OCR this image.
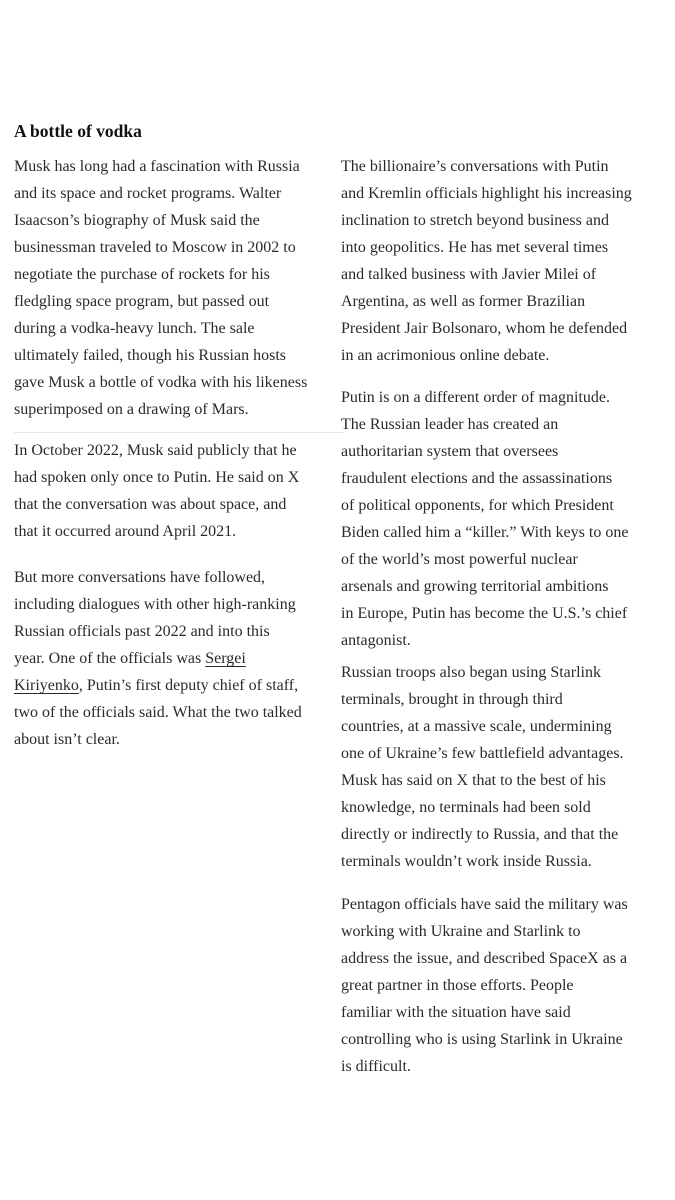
A bottle of vodka

Musk has long had a fascination with Russia
and its space and rocket programs. Walter
Isaacson’s biography of Musk said the
businessman traveled to Moscow in 2002 to
negotiate the purchase of rockets for his
fledgling space program, but passed out
during a vodka-heavy lunch. The sale
ultimately failed, though his Russian hosts
gave Musk a bottle of vodka with his likeness
superimposed on a drawing of Mars.

In October 2022, Musk said publicly that he
had spoken only once to Putin. He said on X
that the conversation was about space, and
that it occurred around April 2021.

But more conversations have followed,
including dialogues with other high-ranking
Russian officials past 2022 and into this
year. One of the officials was Sergei
Kiriyenko, Putin’s first deputy chief of staff,
two of the officials said. What the two talked
about isn’t clear.

The billionaire’s conversations with Putin
and Kremlin officials highlight his increasing
inclination to stretch beyond business and
into geopolitics. He has met several times
and talked business with Javier Milei of
Argentina, as well as former Brazilian
President Jair Bolsonaro, whom he defended
in an acrimonious online debate.

Putin is on a different order of magnitude.
The Russian leader has created an
authoritarian system that oversees
fraudulent elections and the assassinations
of political opponents, for which President
Biden called him a “killer.” With keys to one
of the world’s most powerful nuclear
arsenals and growing territorial ambitions
in Europe, Putin has become the U.S.’s chief
antagonist.

Russian troops also began using Starlink
terminals, brought in through third
countries, at a massive scale, undermining
one of Ukraine’s few battlefield advantages.
Musk has said on X that to the best of his
knowledge, no terminals had been sold
directly or indirectly to Russia, and that the
terminals wouldn’t work inside Russia.

Pentagon officials have said the military was
working with Ukraine and Starlink to
address the issue, and described SpaceX as a
great partner in those efforts. People
familiar with the situation have said
controlling who is using Starlink in Ukraine
is difficult.
